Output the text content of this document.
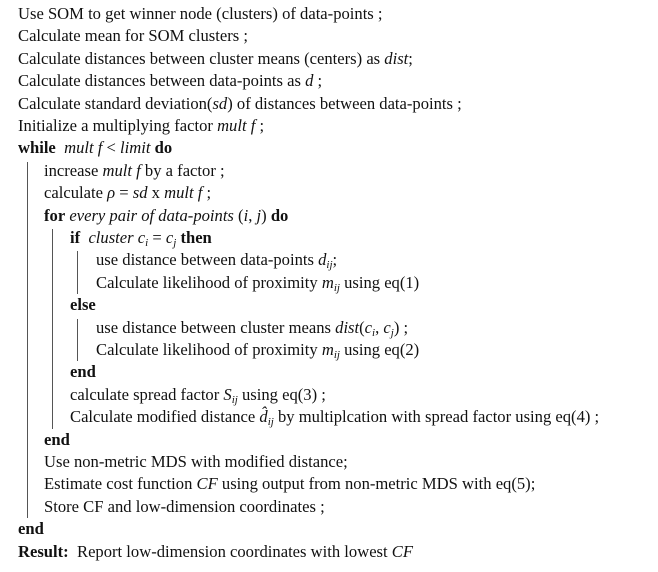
Use SOM to get winner node (clusters) of data-points ;
Calculate mean for SOM clusters ;
Calculate distances between cluster means (centers) as dist;
Calculate distances between data-points as d ;
Calculate standard deviation(sd) of distances between data-points ;
Initialize a multiplying factor mult f ;
while mult f < limit do
increase mult f by a factor ;
calculate ρ = sd x mult f ;
for every pair of data-points (i, j) do
if cluster $c_i = c_j$ then
use distance between data-points $d_{ij}$;
Calculate likelihood of proximity $m_{ij}$ using eq(1)
else
use distance between cluster means $dist(c_i$, $c_j$) ;
Calculate likelihood of proximity $m_{ij}$ using eq(2)
end
calculate spread factor $S_{ij}$ using eq(3) ;
Calculate modified distance $d̂_{ij}$ by multiplcation with spread factor using eq(4) ;
end
Use non-metric MDS with modified distance;
Estimate cost function CF using output from non-metric MDS with eq(5);
Store CF and low-dimension coordinates ;
end
Result:  Report low-dimension coordinates with lowest CF
